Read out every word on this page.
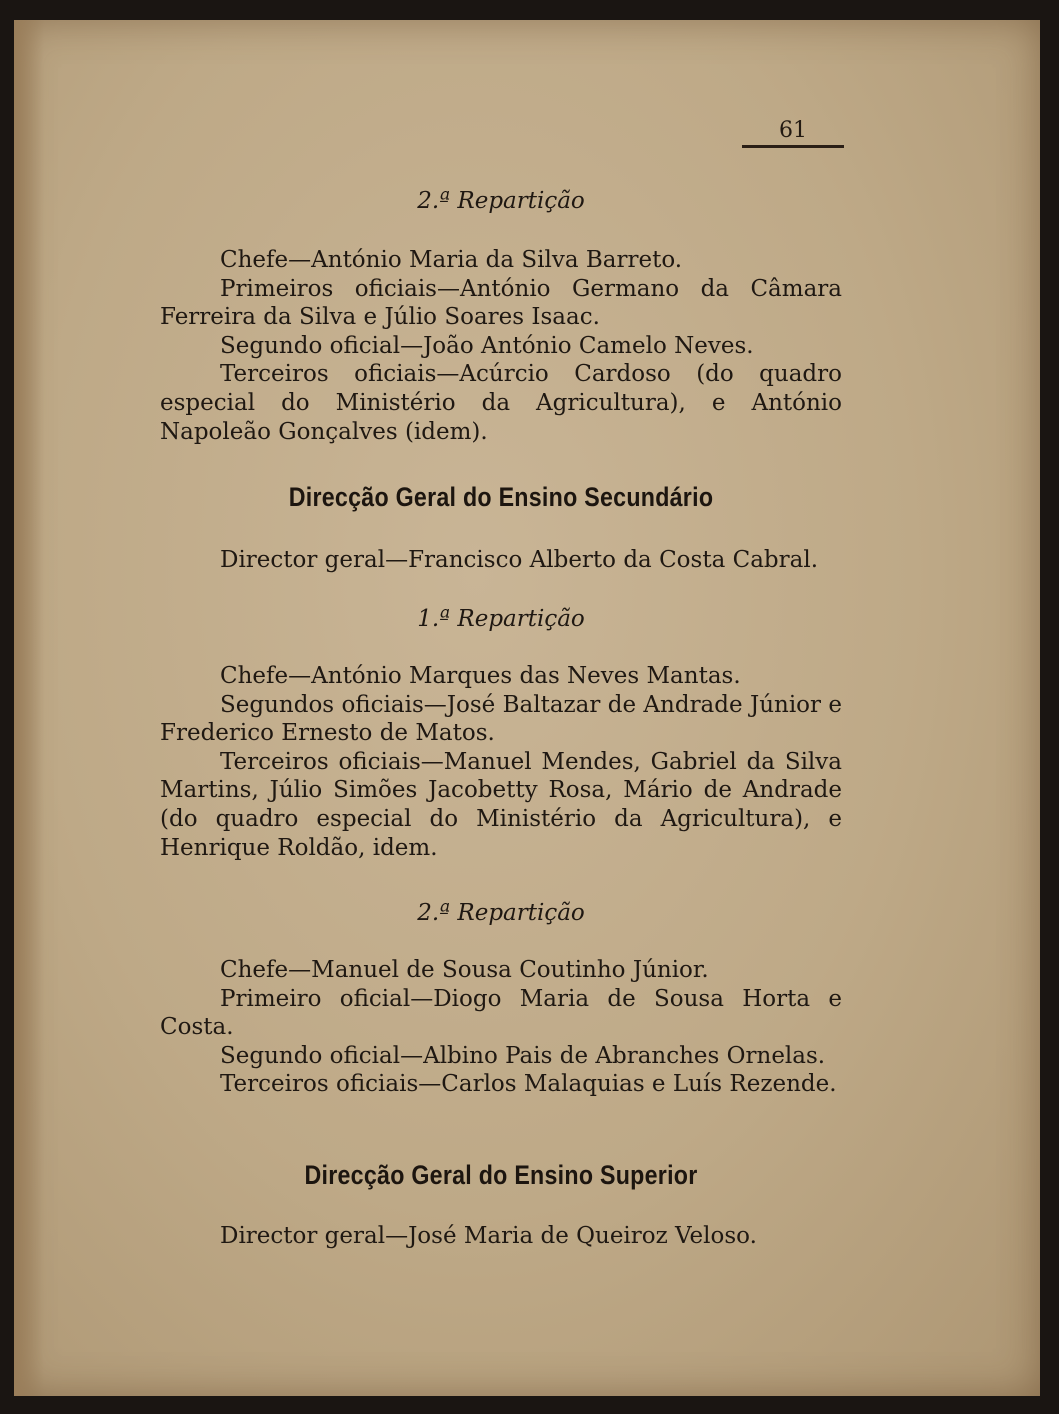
61
2.ª Repartição

Chefe—António Maria da Silva Barreto.

Primeiros oficiais—António Germano da Câmara Ferreira da Silva e Júlio Soares Isaac.

Segundo oficial—João António Camelo Neves.

Terceiros oficiais—Acúrcio Cardoso (do quadro especial do Ministério da Agricultura), e António Napoleão Gonçalves (idem).

Direcção Geral do Ensino Secundário

Director geral—Francisco Alberto da Costa Cabral.

1.ª Repartição

Chefe—António Marques das Neves Mantas.

Segundos oficiais—José Baltazar de Andrade Júnior e Frederico Ernesto de Matos.

Terceiros oficiais—Manuel Mendes, Gabriel da Silva Martins, Júlio Simões Jacobetty Rosa, Mário de Andrade (do quadro especial do Ministério da Agricultura), e Henrique Roldão, idem.

2.ª Repartição

Chefe—Manuel de Sousa Coutinho Júnior.

Primeiro oficial—Diogo Maria de Sousa Horta e Costa.

Segundo oficial—Albino Pais de Abranches Ornelas.

Terceiros oficiais—Carlos Malaquias e Luís Rezende.

Direcção Geral do Ensino Superior

Director geral—José Maria de Queiroz Veloso.
